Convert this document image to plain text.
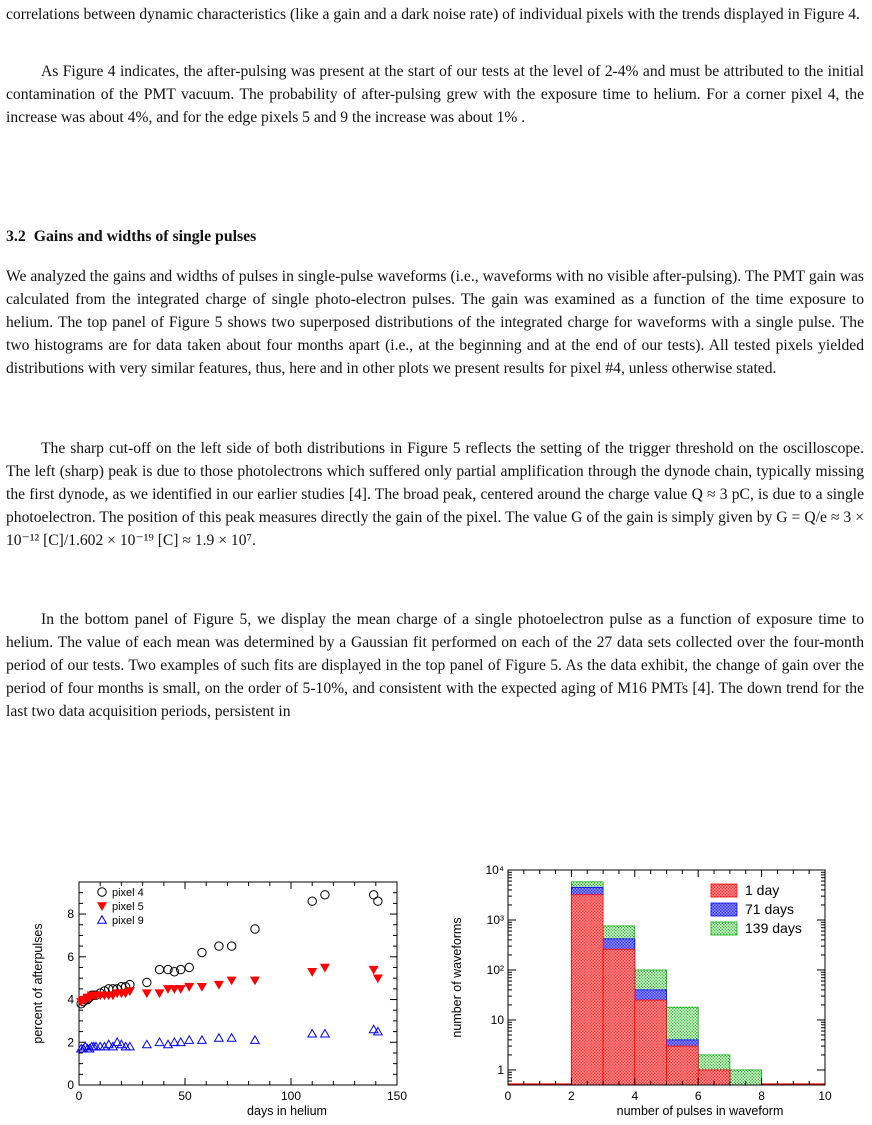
correlations between dynamic characteristics (like a gain and a dark noise rate) of individual pixels with the trends displayed in Figure 4.

As Figure 4 indicates, the after-pulsing was present at the start of our tests at the level of 2-4% and must be attributed to the initial contamination of the PMT vacuum. The probability of after-pulsing grew with the exposure time to helium. For a corner pixel 4, the increase was about 4%, and for the edge pixels 5 and 9 the increase was about 1% .

3.2 Gains and widths of single pulses

We analyzed the gains and widths of pulses in single-pulse waveforms (i.e., waveforms with no visible after-pulsing). The PMT gain was calculated from the integrated charge of single photo-electron pulses. The gain was examined as a function of the time exposure to helium. The top panel of Figure 5 shows two superposed distributions of the integrated charge for waveforms with a single pulse. The two histograms are for data taken about four months apart (i.e., at the beginning and at the end of our tests). All tested pixels yielded distributions with very similar features, thus, here and in other plots we present results for pixel #4, unless otherwise stated.

The sharp cut-off on the left side of both distributions in Figure 5 reflects the setting of the trigger threshold on the oscilloscope. The left (sharp) peak is due to those photolectrons which suffered only partial amplification through the dynode chain, typically missing the first dynode, as we identified in our earlier studies [4]. The broad peak, centered around the charge value Q ≈ 3 pC, is due to a single photoelectron. The position of this peak measures directly the gain of the pixel. The value G of the gain is simply given by G = Q/e ≈ 3 × 10⁻¹² [C]/1.602 × 10⁻¹⁹ [C] ≈ 1.9 × 10⁷.

In the bottom panel of Figure 5, we display the mean charge of a single photoelectron pulse as a function of exposure time to helium. The value of each mean was determined by a Gaussian fit performed on each of the 27 data sets collected over the four-month period of our tests. Two examples of such fits are displayed in the top panel of Figure 5. As the data exhibit, the change of gain over the period of four months is small, on the order of 5-10%, and consistent with the expected aging of M16 PMTs [4]. The down trend for the last two data acquisition periods, persistent in

0	50	100	150
0
2
4
6
8
days in helium
percent of afterpulses
pixel 4
pixel 5
pixel 9
0	2	4	6	8	10
1
10
10²
10³
10⁴
number of pulses in waveform
number of waveforms
1 day
71 days
139 days
